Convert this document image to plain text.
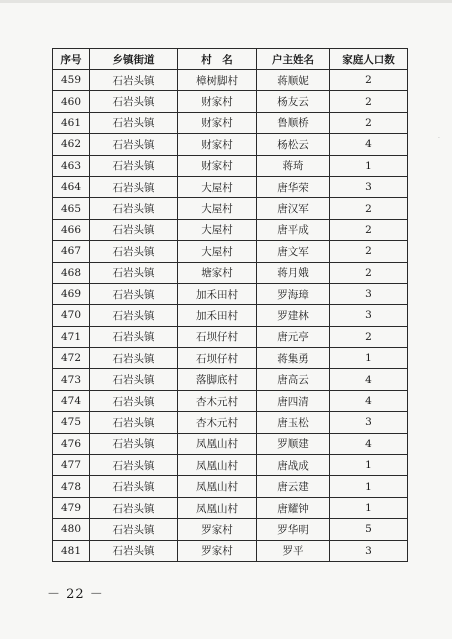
序号	乡镇街道	村　名	户主姓名	家庭人口数
459	石岩头镇	樟树脚村	蒋顺妮	2
460	石岩头镇	财家村	杨友云	2
461	石岩头镇	财家村	鲁顺桥	2
462	石岩头镇	财家村	杨松云	4
463	石岩头镇	财家村	蒋琦	1
464	石岩头镇	大屋村	唐华荣	3
465	石岩头镇	大屋村	唐汉军	2
466	石岩头镇	大屋村	唐平成	2
467	石岩头镇	大屋村	唐文军	2
468	石岩头镇	塘家村	蒋月娥	2
469	石岩头镇	加禾田村	罗海璋	3
470	石岩头镇	加禾田村	罗建林	3
471	石岩头镇	石坝仔村	唐元亭	2
472	石岩头镇	石坝仔村	蒋集勇	1
473	石岩头镇	落脚底村	唐高云	4
474	石岩头镇	杏木元村	唐四清	4
475	石岩头镇	杏木元村	唐玉松	3
476	石岩头镇	凤凰山村	罗顺建	4
477	石岩头镇	凤凰山村	唐战成	1
478	石岩头镇	凤凰山村	唐云建	1
479	石岩头镇	凤凰山村	唐耀钟	1
480	石岩头镇	罗家村	罗华明	5
481	石岩头镇	罗家村	罗平	3
·
－ 22 －
